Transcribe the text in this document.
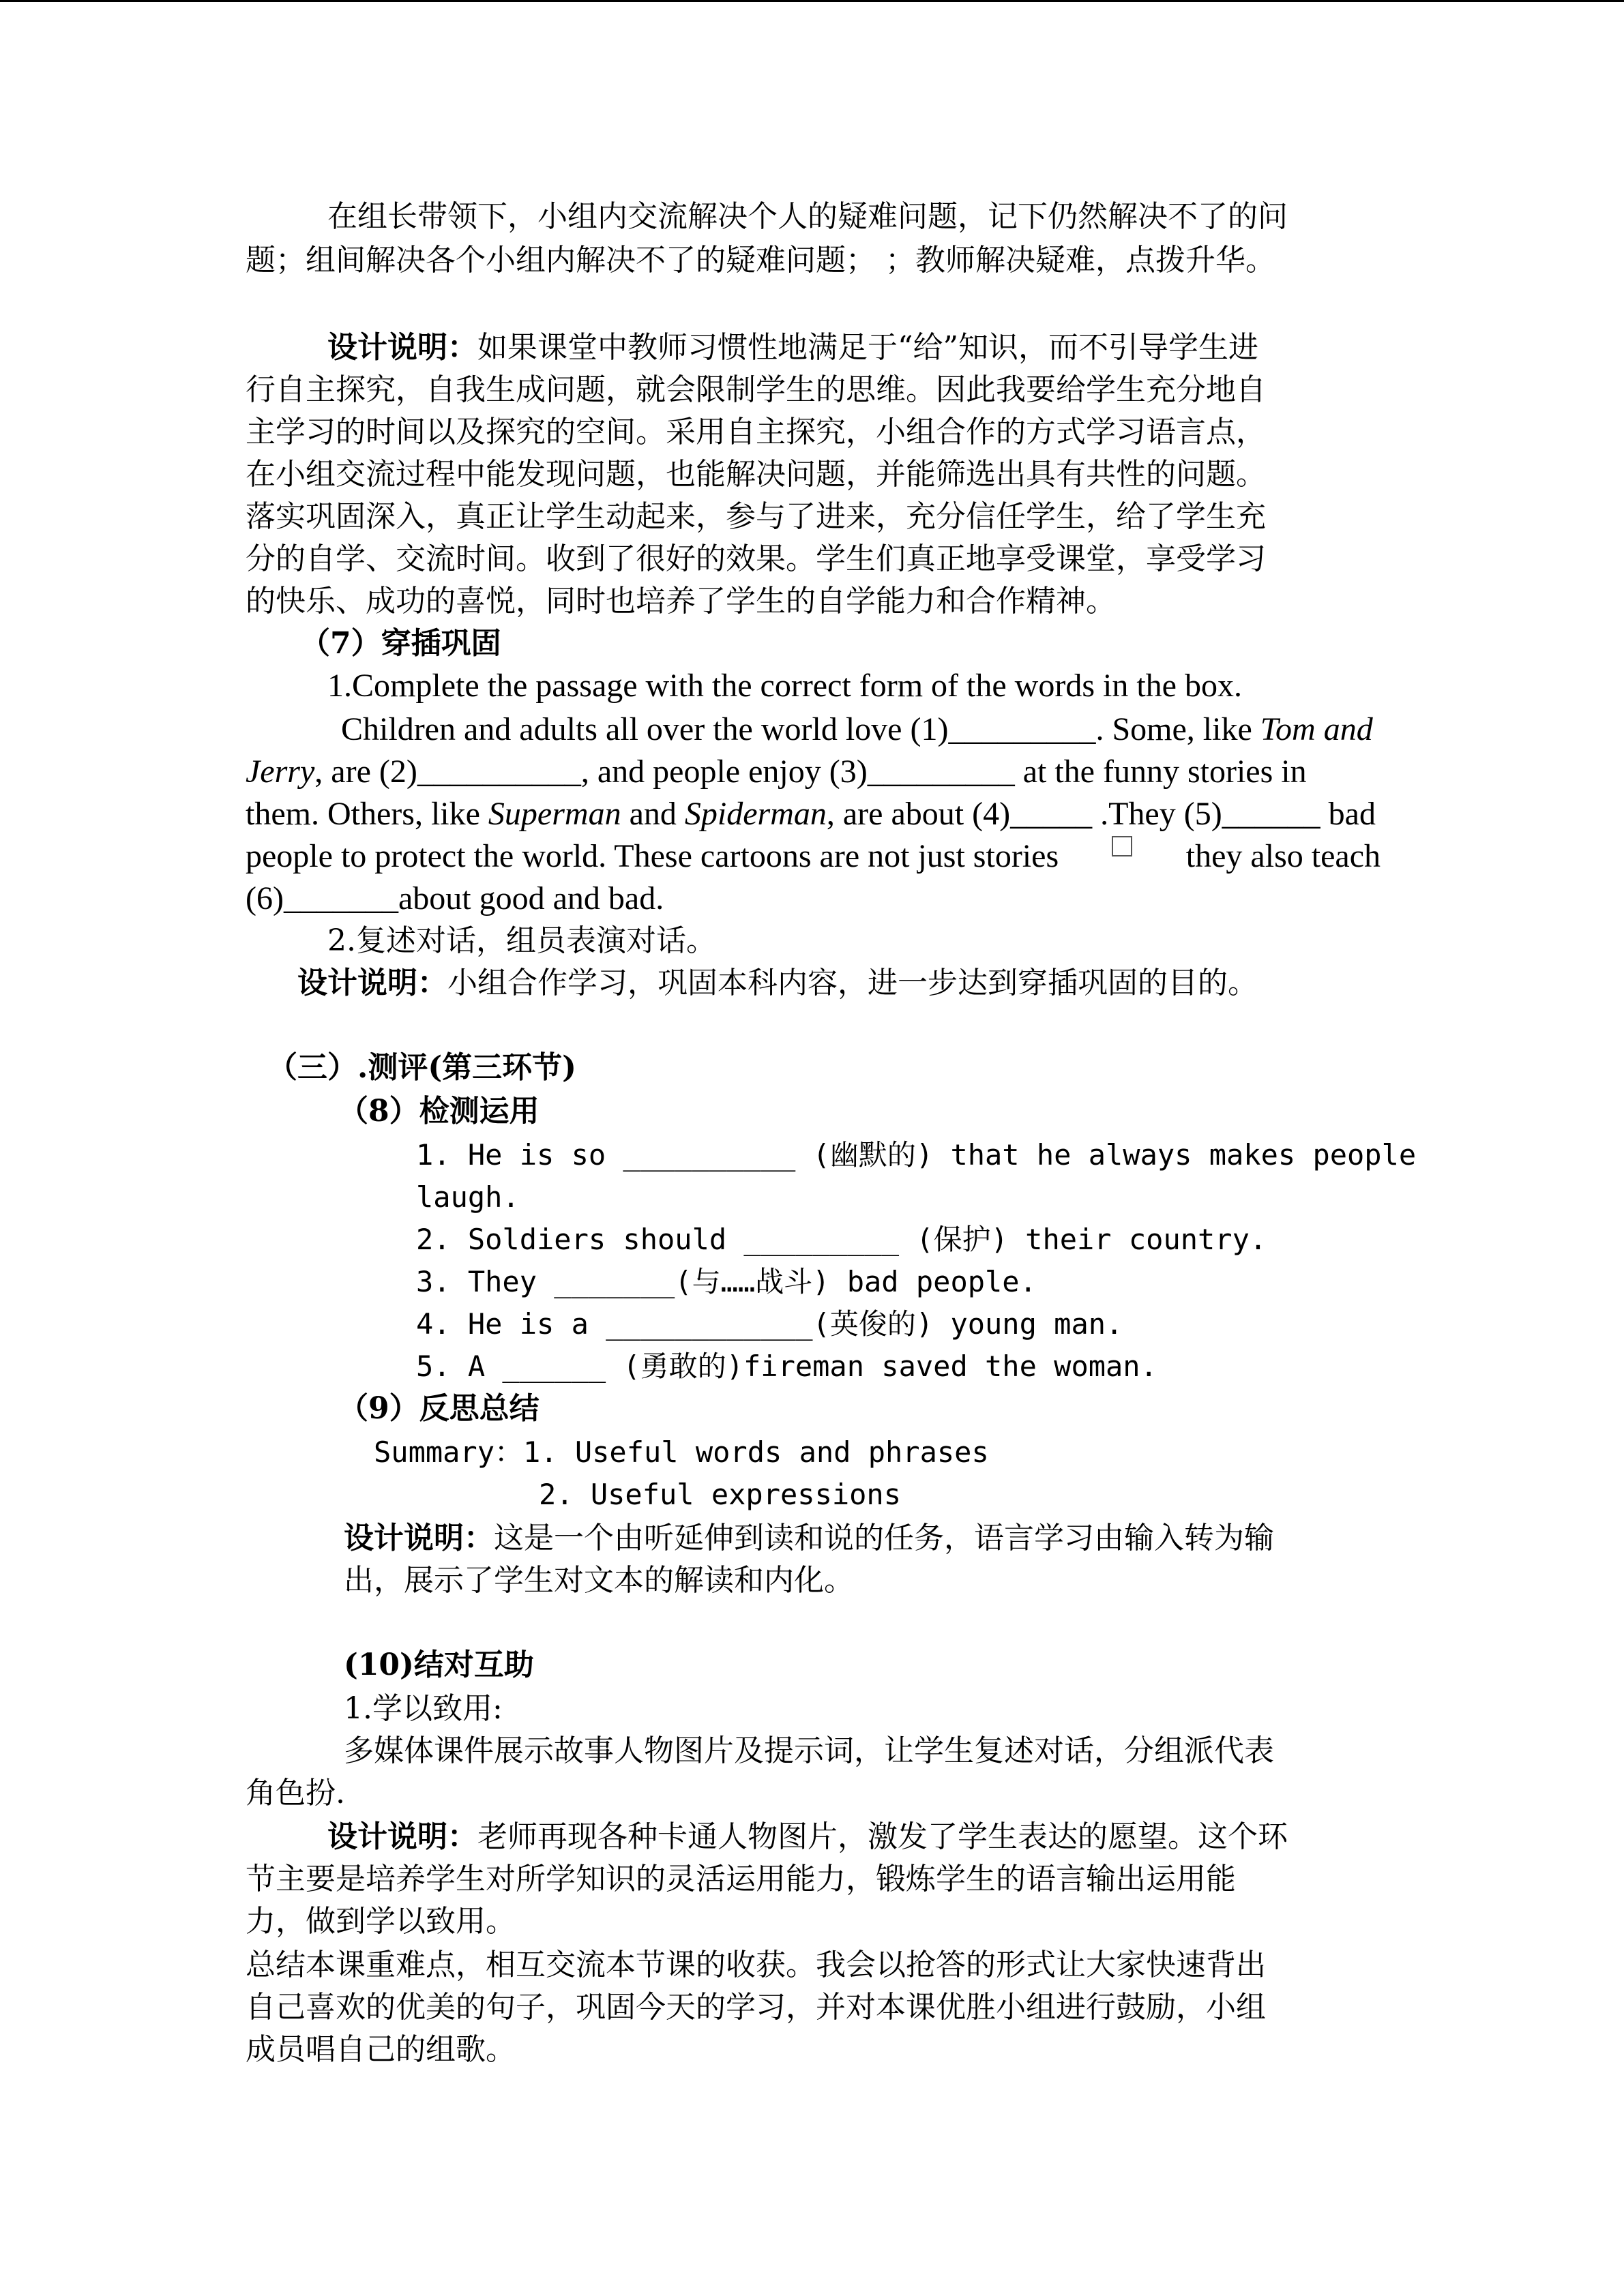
在组长带领下，小组内交流解决个人的疑难问题，记下仍然解决不了的问
题；组间解决各个小组内解决不了的疑难问题； ；教师解决疑难，点拨升华。
设计说明：如果课堂中教师习惯性地满足于“给”知识，而不引导学生进
行自主探究，自我生成问题，就会限制学生的思维。因此我要给学生充分地自
主学习的时间以及探究的空间。采用自主探究，小组合作的方式学习语言点，
在小组交流过程中能发现问题，也能解决问题，并能筛选出具有共性的问题。
落实巩固深入，真正让学生动起来，参与了进来，充分信任学生，给了学生充
分的自学、交流时间。收到了很好的效果。学生们真正地享受课堂，享受学习
的快乐、成功的喜悦，同时也培养了学生的自学能力和合作精神。
（7）穿插巩固
1.Complete the passage with the correct form of the words in the box.
Children and adults all over the world love (1)_________. Some, like Tom and
Jerry, are (2)__________, and people enjoy (3)_________ at the funny stories in
them. Others, like Superman and Spiderman, are about (4)_____ .They (5)______ bad
people to protect the world. These cartoons are not just stories	they also teach
(6)_______about good and bad.
2.复述对话，组员表演对话。
设计说明：小组合作学习，巩固本科内容，进一步达到穿插巩固的目的。
（三）.测评(第三环节)
（8）检测运用
1. He is so __________ (幽默的) that he always makes people
laugh.
2. Soldiers should _________ (保护) their country.
3. They _______(与……战斗) bad people.
4. He is a ____________(英俊的) young man.
5. A ______ (勇敢的)fireman saved the woman.
（9）反思总结
Summary：1. Useful words and phrases
2. Useful expressions
设计说明：这是一个由听延伸到读和说的任务，语言学习由输入转为输
出，展示了学生对文本的解读和内化。
(10)结对互助
1.学以致用:
多媒体课件展示故事人物图片及提示词，让学生复述对话，分组派代表
角色扮.
设计说明：老师再现各种卡通人物图片，激发了学生表达的愿望。这个环
节主要是培养学生对所学知识的灵活运用能力，锻炼学生的语言输出运用能
力，做到学以致用。
总结本课重难点，相互交流本节课的收获。我会以抢答的形式让大家快速背出
自己喜欢的优美的句子，巩固今天的学习，并对本课优胜小组进行鼓励，小组
成员唱自己的组歌。
